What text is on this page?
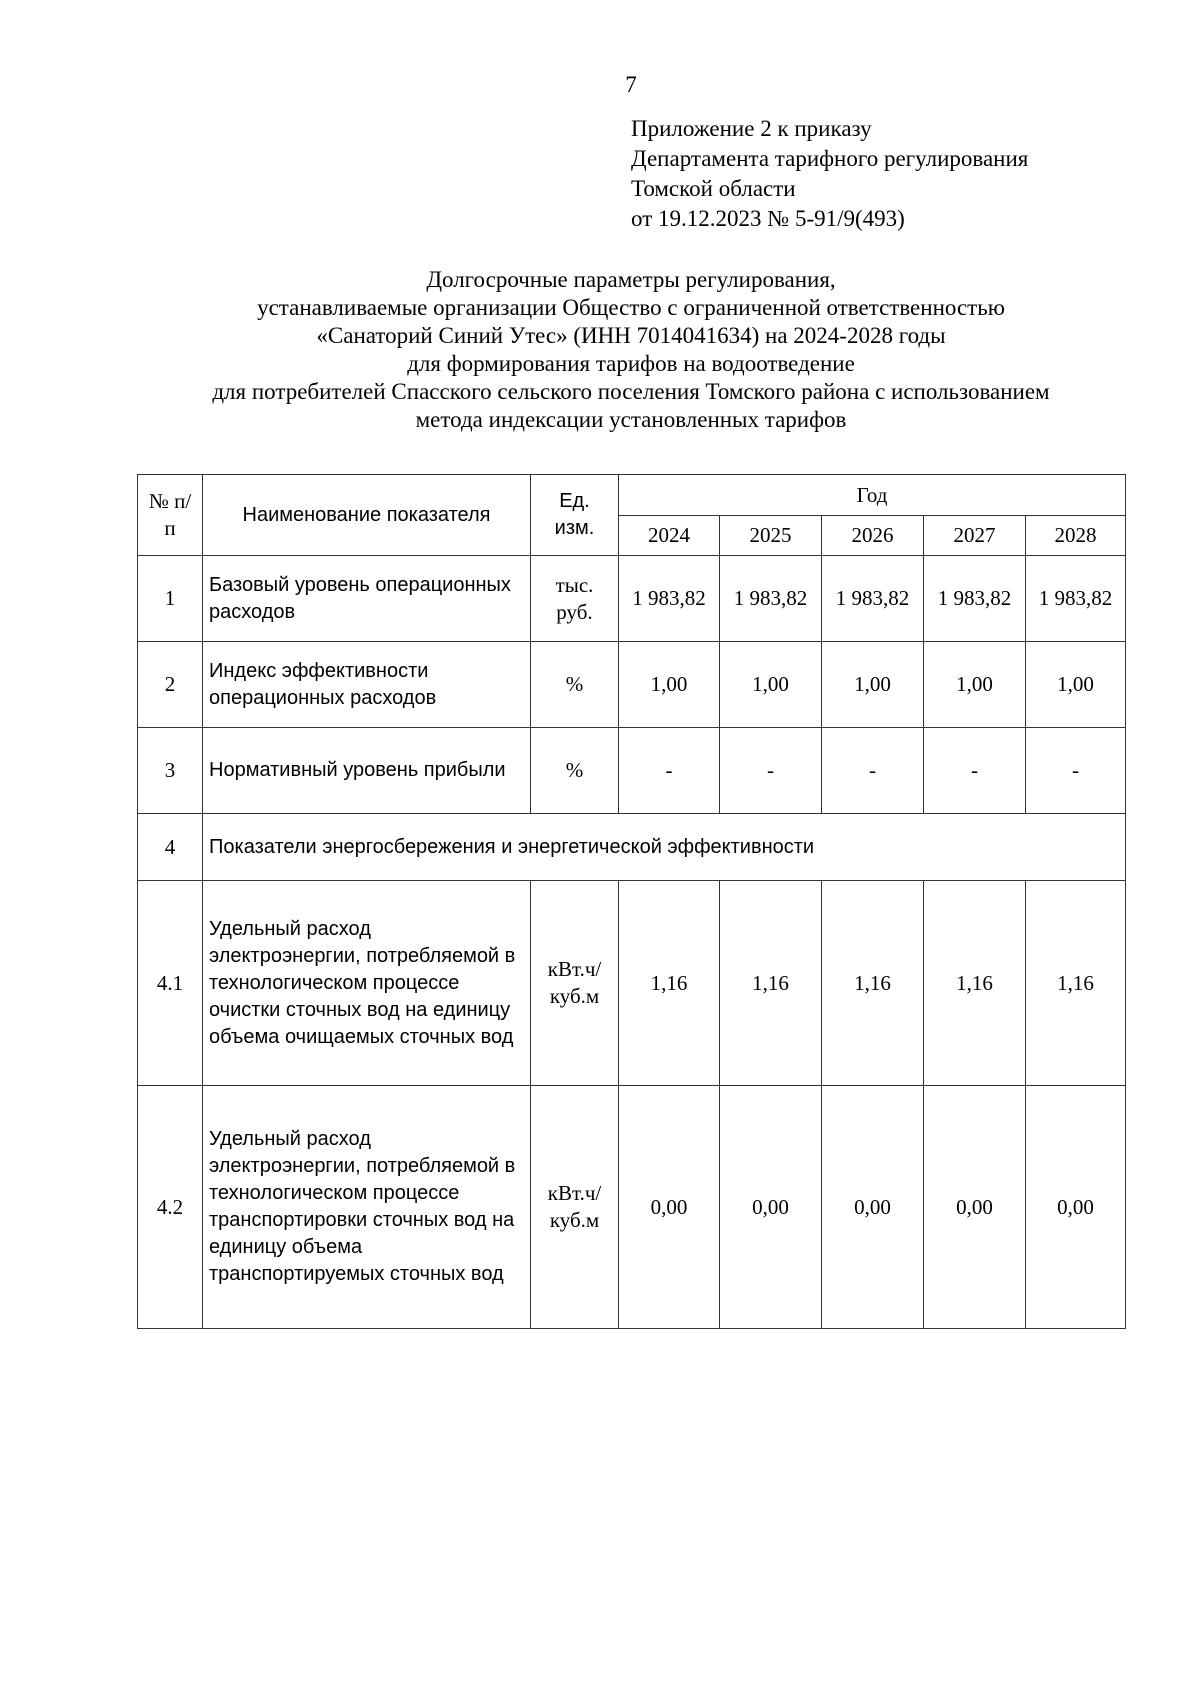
7
Приложение 2 к приказу
Департамента тарифного регулирования
Томской области
от 19.12.2023 № 5-91/9(493)
Долгосрочные параметры регулирования,
устанавливаемые организации Общество с ограниченной ответственностью
«Санаторий Синий Утес» (ИНН 7014041634) на 2024-2028 годы
для формирования тарифов на водоотведение
для потребителей Спасского сельского поселения Томского района с использованием
метода индексации установленных тарифов
№ п/п	Наименование показателя	Ед. изм.	Год				
			2024	2025	2026	2027	2028
1	Базовый уровень операционных расходов	тыс. руб.	1 983,82	1 983,82	1 983,82	1 983,82	1 983,82
2	Индекс эффективности операционных расходов	%	1,00	1,00	1,00	1,00	1,00
3	Нормативный уровень прибыли	%	-	-	-	-	-
4	Показатели энергосбережения и энергетической эффективности						
4.1	Удельный расход электроэнергии, потребляемой в технологическом процессе очистки сточных вод на единицу объема очищаемых сточных вод	кВт.ч/ куб.м	1,16	1,16	1,16	1,16	1,16
4.2	Удельный расход электроэнергии, потребляемой в технологическом процессе транспортировки сточных вод на единицу объема транспортируемых сточных вод	кВт.ч/ куб.м	0,00	0,00	0,00	0,00	0,00
